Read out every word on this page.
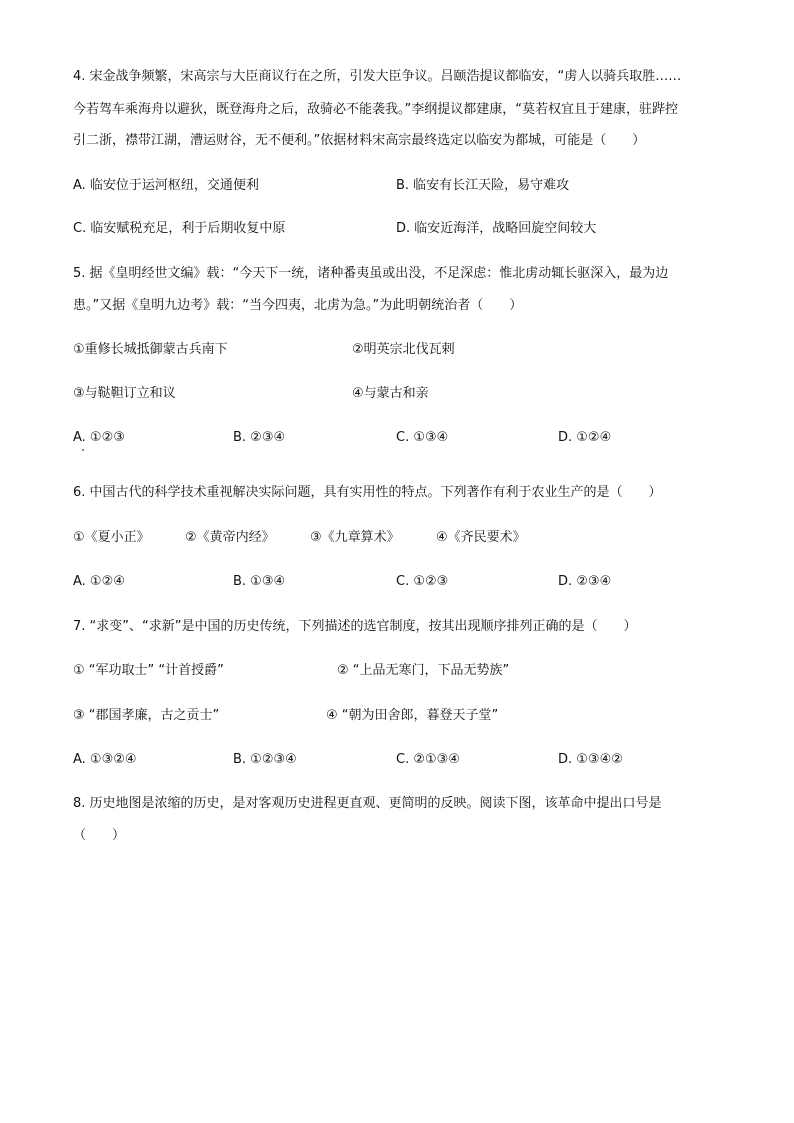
4. 宋金战争频繁，宋高宗与大臣商议行在之所，引发大臣争议。吕颐浩提议都临安，“虏人以骑兵取胜……
今若驾车乘海舟以避狄，既登海舟之后，敌骑必不能袭我。”李纲提议都建康，“莫若权宜且于建康，驻跸控
引二浙，襟带江湖，漕运财谷，无不便利。”依据材料宋高宗最终选定以临安为都城，可能是（　　）
A. 临安位于运河枢纽，交通便利	B. 临安有长江天险，易守难攻
C. 临安赋税充足，利于后期收复中原	D. 临安近海洋，战略回旋空间较大
5. 据《皇明经世文编》载：“今天下一统，诸种番夷虽或出没，不足深虑：惟北虏动辄长驱深入，最为边
患。”又据《皇明九边考》载：“当今四夷，北虏为急。”为此明朝统治者（　　）
①重修长城抵御蒙古兵南下	②明英宗北伐瓦剌
③与鞑靼订立和议	④与蒙古和亲
A. ①②③	B. ②③④	C. ①③④	D. ①②④
6. 中国古代的科学技术重视解决实际问题，具有实用性的特点。下列著作有利于农业生产的是（　　）
①《夏小正》	②《黄帝内经》	③《九章算术》	④《齐民要术》
A. ①②④	B. ①③④	C. ①②③	D. ②③④
7. “求变”、“求新”是中国的历史传统，下列描述的选官制度，按其出现顺序排列正确的是（　　）
① “军功取士” “计首授爵”	② “上品无寒门，下品无势族”
③ “郡国孝廉，古之贡士”	④ “朝为田舍郎，暮登天子堂”
A. ①③②④	B. ①②③④	C. ②①③④	D. ①③④②
8. 历史地图是浓缩的历史，是对客观历史进程更直观、更简明的反映。阅读下图，该革命中提出口号是
（　　）
